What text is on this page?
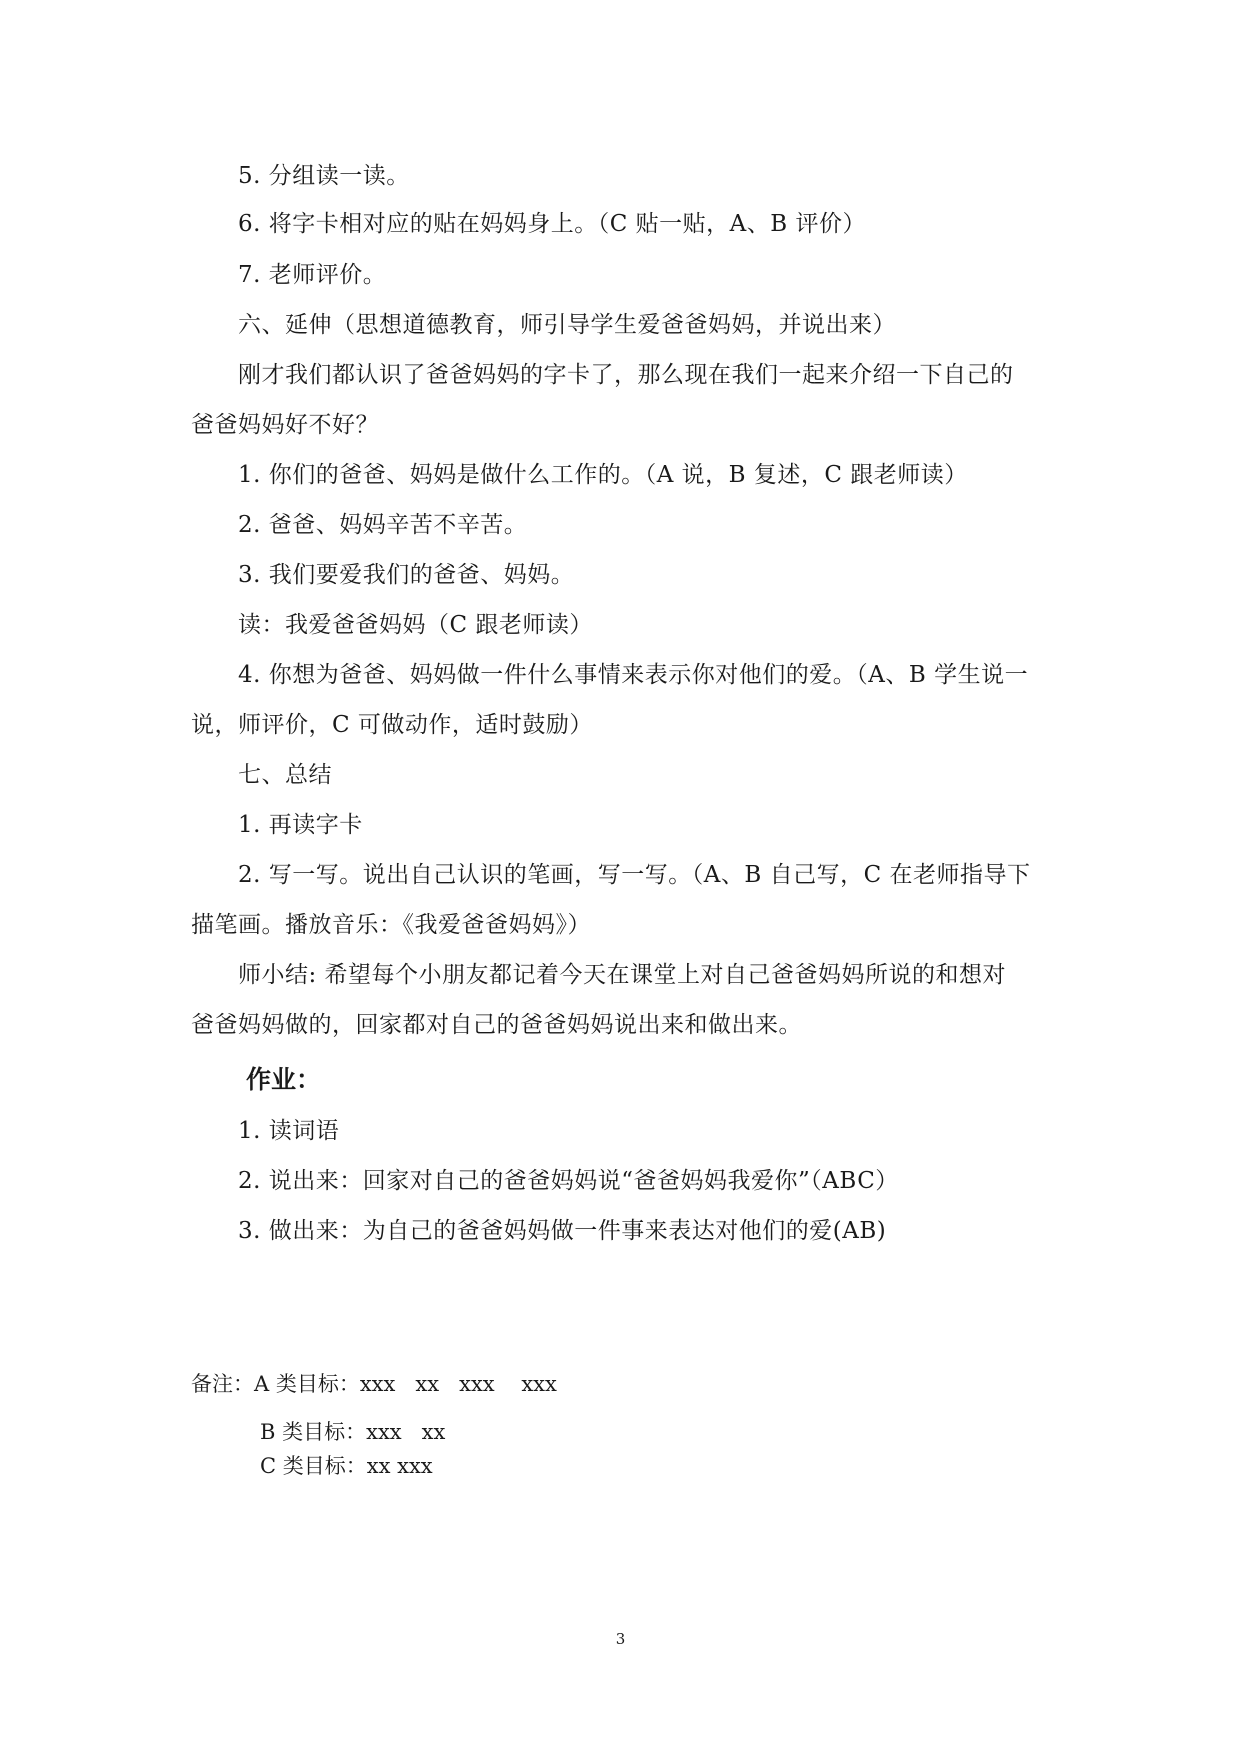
5. 分组读一读。
6. 将字卡相对应的贴在妈妈身上。（C 贴一贴，A、B 评价）
7. 老师评价。
六、延伸（思想道德教育，师引导学生爱爸爸妈妈，并说出来）
刚才我们都认识了爸爸妈妈的字卡了，那么现在我们一起来介绍一下自己的
爸爸妈妈好不好？
1. 你们的爸爸、妈妈是做什么工作的。（A 说，B 复述，C 跟老师读）
2. 爸爸、妈妈辛苦不辛苦。
3. 我们要爱我们的爸爸、妈妈。
读：我爱爸爸妈妈（C 跟老师读）
4. 你想为爸爸、妈妈做一件什么事情来表示你对他们的爱。（A、B 学生说一
说，师评价，C 可做动作，适时鼓励）
七、总结
1. 再读字卡
2. 写一写。说出自己认识的笔画，写一写。（A、B 自己写，C 在老师指导下
描笔画。播放音乐：《我爱爸爸妈妈》）
师小结: 希望每个小朋友都记着今天在课堂上对自己爸爸妈妈所说的和想对
爸爸妈妈做的，回家都对自己的爸爸妈妈说出来和做出来。
作业：
1. 读词语
2. 说出来：回家对自己的爸爸妈妈说“爸爸妈妈我爱你”（ABC）
3. 做出来：为自己的爸爸妈妈做一件事来表达对他们的爱(AB)
备注：A 类目标：xxx   xx   xxx    xxx
B 类目标：xxx   xx
C 类目标：xx xxx
3
